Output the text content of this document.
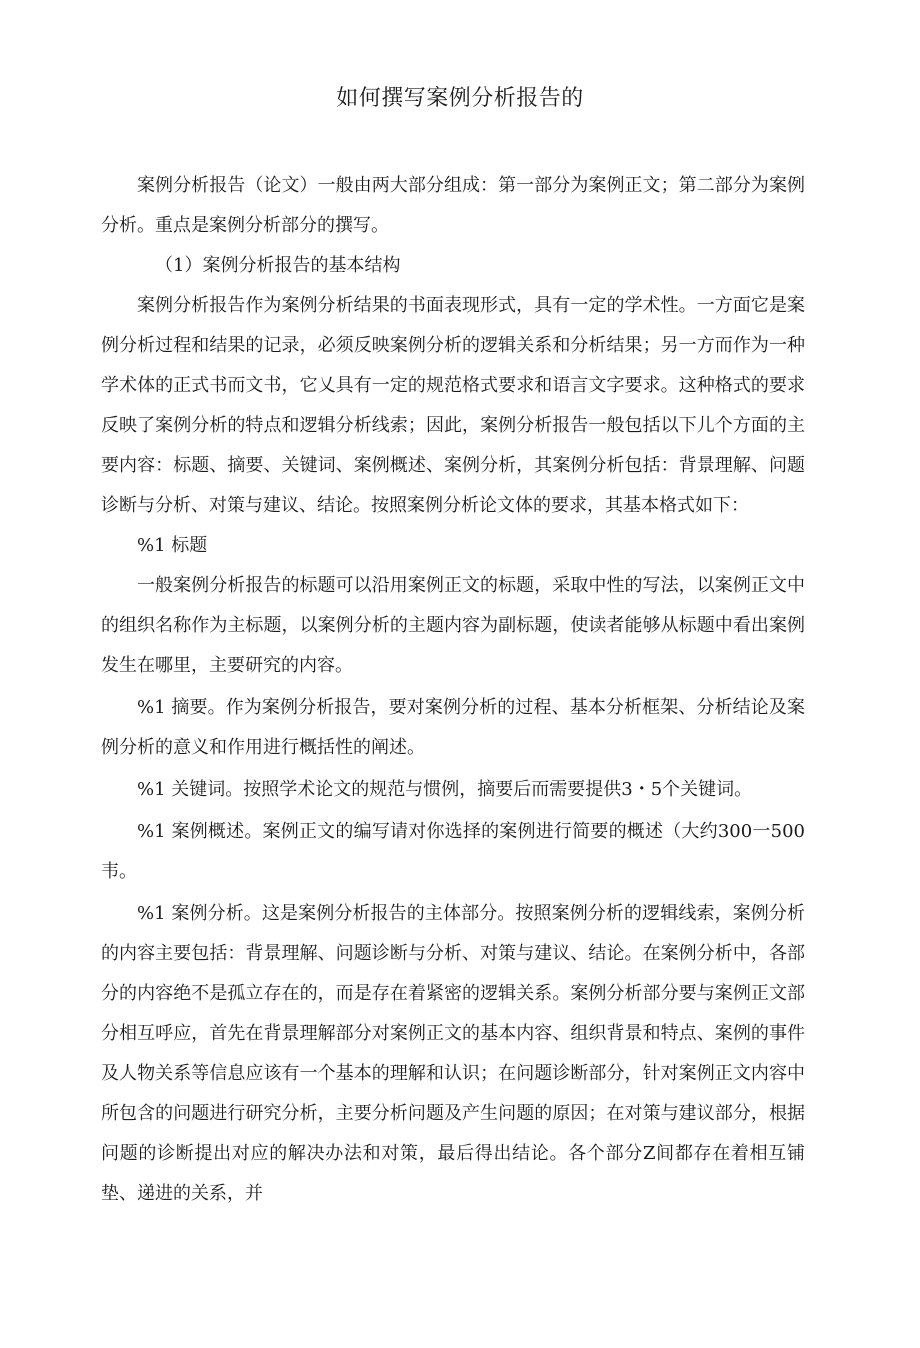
如何撰写案例分析报告的

案例分析报告（论文）一般由两大部分组成：第一部分为案例正文；第二部分为案例分析。重点是案例分析部分的撰写。

（1）案例分析报告的基本结构

案例分析报告作为案例分析结果的书面表现形式，具有一定的学术性。一方面它是案例分析过程和结果的记录，必须反映案例分析的逻辑关系和分析结果；另一方而作为一种学术体的正式书而文书，它乂具有一定的规范格式要求和语言文字要求。这种格式的要求反映了案例分析的特点和逻辑分析线索；因此，案例分析报告一般包括以下儿个方面的主要内容：标题、摘要、关键词、案例概述、案例分析，其案例分析包括：背景理解、问题诊断与分析、对策与建议、结论。按照案例分析论文体的要求，其基本格式如下：

%1 标题

一般案例分析报告的标题可以沿用案例正文的标题，采取中性的写法，以案例正文中的组织名称作为主标题，以案例分析的主题内容为副标题，使读者能够从标题中看出案例发生在哪里，主要研究的内容。

%1 摘要。作为案例分析报告，要对案例分析的过程、基本分析框架、分析结论及案例分析的意义和作用进行概括性的阐述。

%1 关键词。按照学术论文的规范与惯例，摘要后而需要提供3・5个关键词。

%1 案例概述。案例正文的编写请对你选择的案例进行简要的概述（大约300一500 韦。

%1 案例分析。这是案例分析报告的主体部分。按照案例分析的逻辑线索，案例分析的内容主要包括：背景理解、问题诊断与分析、对策与建议、结论。在案例分析中，各部分的内容绝不是孤立存在的，而是存在着紧密的逻辑关系。案例分析部分要与案例正文部分相互呼应，首先在背景理解部分对案例正文的基本内容、组织背景和特点、案例的事件及人物关系等信息应该有一个基本的理解和认识；在问题诊断部分，针对案例正文内容中所包含的问题进行研究分析，主要分析问题及产生问题的原因；在对策与建议部分，根据问题的诊断提出对应的解决办法和对策，最后得出结论。各个部分Z间都存在着相互铺垫、递进的关系，并
